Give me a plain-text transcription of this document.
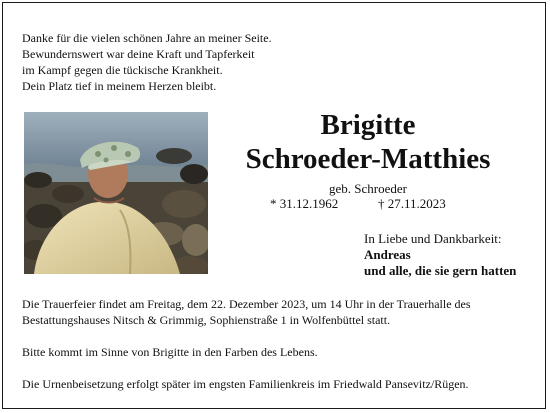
Danke für die vielen schönen Jahre an meiner Seite.
Bewundernswert war deine Kraft und Tapferkeit
im Kampf gegen die tückische Krankheit.
Dein Platz tief in meinem Herzen bleibt.
Brigitte
Schroeder-Matthies
geb. Schroeder
* 31.12.1962	† 27.11.2023
In Liebe und Dankbarkeit:
Andreas
und alle, die sie gern hatten

Die Trauerfeier findet am Freitag, dem 22. Dezember 2023, um 14 Uhr in der Trauerhalle des
Bestattungshauses Nitsch & Grimmig, Sophienstraße 1 in Wolfenbüttel statt.

Bitte kommt im Sinne von Brigitte in den Farben des Lebens.

Die Urnenbeisetzung erfolgt später im engsten Familienkreis im Friedwald Pansevitz/Rügen.
